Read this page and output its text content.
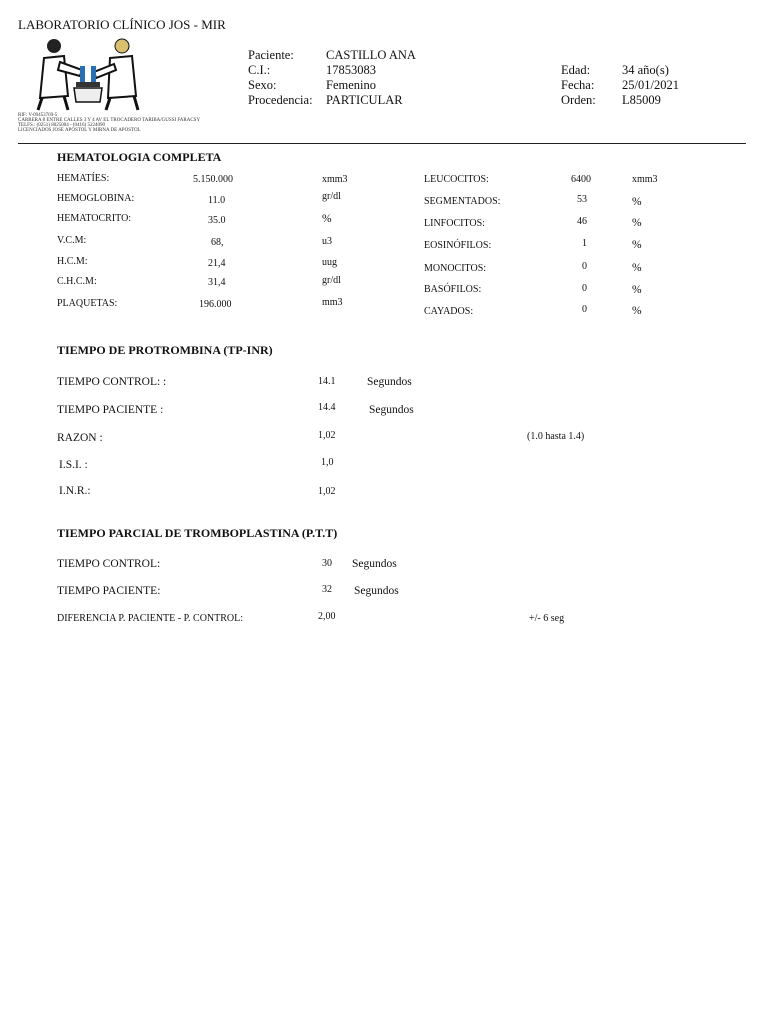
LABORATORIO CLÍNICO JOS - MIR
RIF: V-09453769-5
CARRERA 8 ENTRE CALLES 3 Y 4 AV EL TROCADERO TARIBA/GUSSI FARACSY
TELFS.: (0251) 8025004 - (0416) 5224090
LICENCIADOS JOSE APOSTOL Y MIRNA DE APOSTOL
Paciente:	CASTILLO ANA
C.I.:	17853083
Sexo:	Femenino
Procedencia: PARTICULAR
Edad:	34 año(s)
Fecha: 25/01/2021
Orden: L85009
HEMATOLOGIA COMPLETA
HEMATÍES:	5.150.000	xmm3
HEMOGLOBINA:	11.0	gr/dl
HEMATOCRITO:	35.0	%
V.C.M:	68,	u3
H.C.M:	21,4	uug
C.H.C.M:	31,4	gr/dl
PLAQUETAS:	196.000	mm3
LEUCOCITOS:	6400	xmm3
SEGMENTADOS:	53	%
LINFOCITOS:	46	%
EOSINÓFILOS:	1	%
MONOCITOS:	0	%
BASÓFILOS:	0	%
CAYADOS:	0	%
TIEMPO DE PROTROMBINA (TP-INR)
TIEMPO CONTROL: :	14.1	Segundos
TIEMPO PACIENTE :	14.4	Segundos
RAZON :	1,02	(1.0 hasta 1.4)
I.S.I. :	1,0
I.N.R.:	1,02
TIEMPO PARCIAL DE TROMBOPLASTINA (P.T.T)
TIEMPO CONTROL:	30 Segundos
TIEMPO PACIENTE:	32 Segundos
DIFERENCIA P. PACIENTE - P. CONTROL:	2,00	+/- 6 seg
